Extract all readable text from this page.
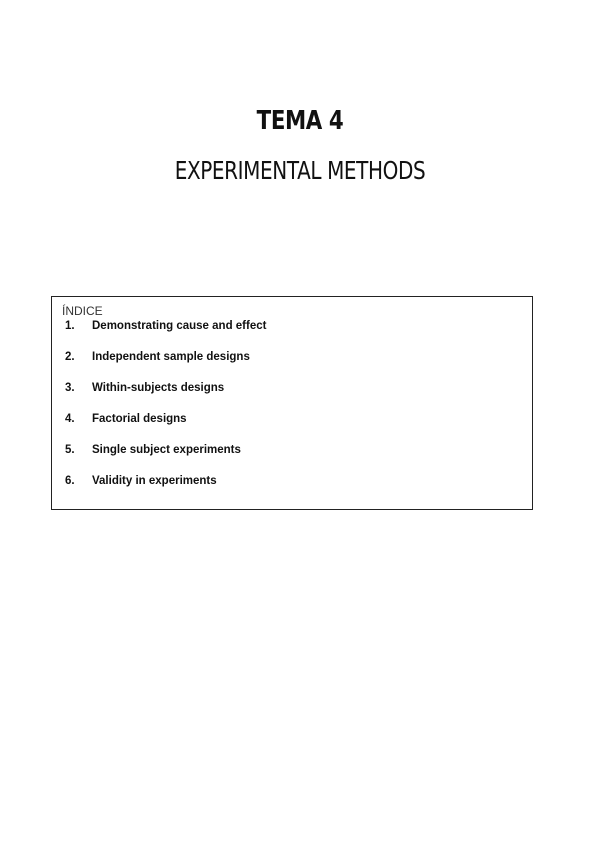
TEMA 4
EXPERIMENTAL METHODS
ÍNDICE
1.	Demonstrating cause and effect
2.	Independent sample designs
3.	Within-subjects designs
4.	Factorial designs
5.	Single subject experiments
6.	Validity in experiments
